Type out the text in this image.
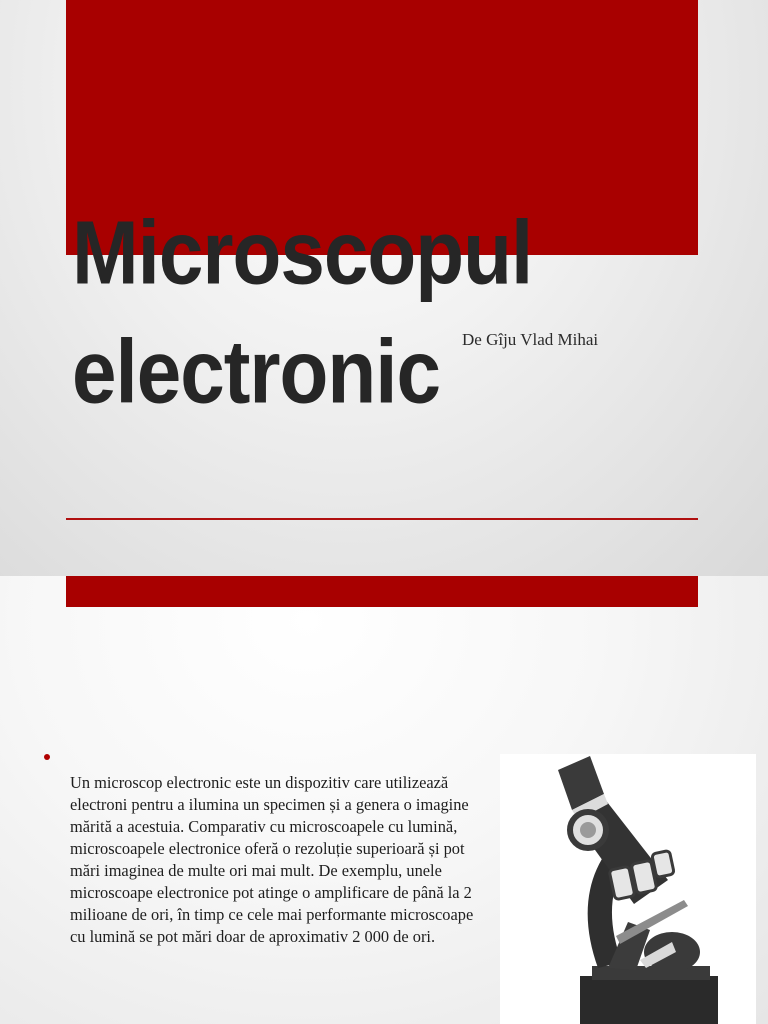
Microscopul
electronic	De Gîju Vlad Mihai
Un microscop electronic este un dispozitiv care utilizează electroni pentru a ilumina un specimen și a genera o imagine mărită a acestuia. Comparativ cu microscoapele cu lumină, microscoapele electronice oferă o rezoluție superioară și pot mări imaginea de multe ori mai mult. De exemplu, unele microscoape electronice pot atinge o amplificare de până la 2 milioane de ori, în timp ce cele mai performante microscoape cu lumină se pot mări doar de aproximativ 2 000 de ori.
